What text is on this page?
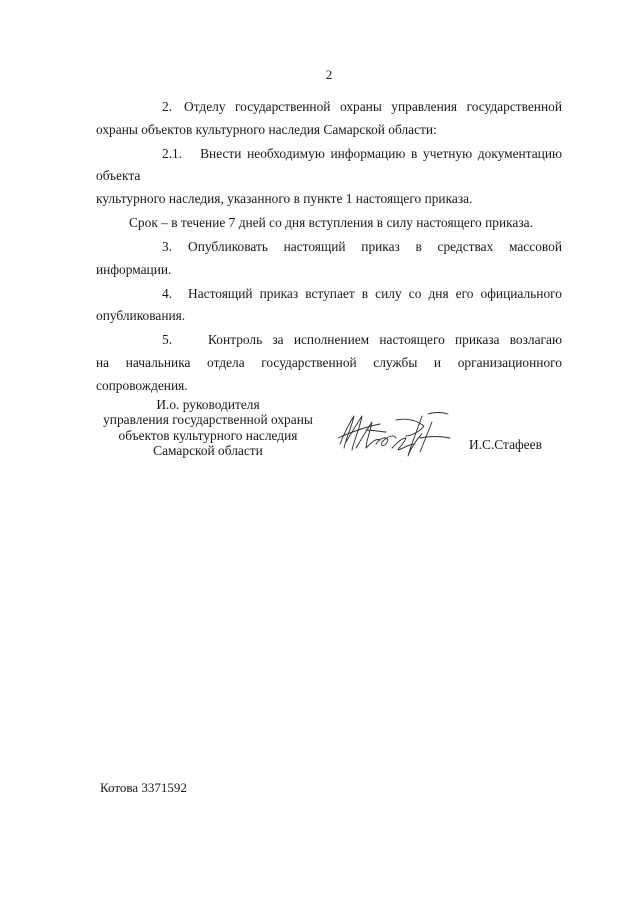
2

2. Отделу государственной охраны управления государственной

охраны объектов культурного наследия Самарской области:

2.1. Внести необходимую информацию в учетную документацию объекта

культурного наследия, указанного в пункте 1 настоящего приказа.

Срок – в течение 7 дней со дня вступления в силу настоящего приказа.

3. Опубликовать настоящий приказ в средствах массовой информации.

4. Настоящий приказ вступает в силу со дня его официального

опубликования.

5.	Контроль за исполнением настоящего приказа возлагаю

на начальника отдела государственной службы и организационного

сопровождения.

И.о. руководителя
управления государственной охраны
объектов культурного наследия
Самарской области	И.С.Стафеев
Котова 3371592
